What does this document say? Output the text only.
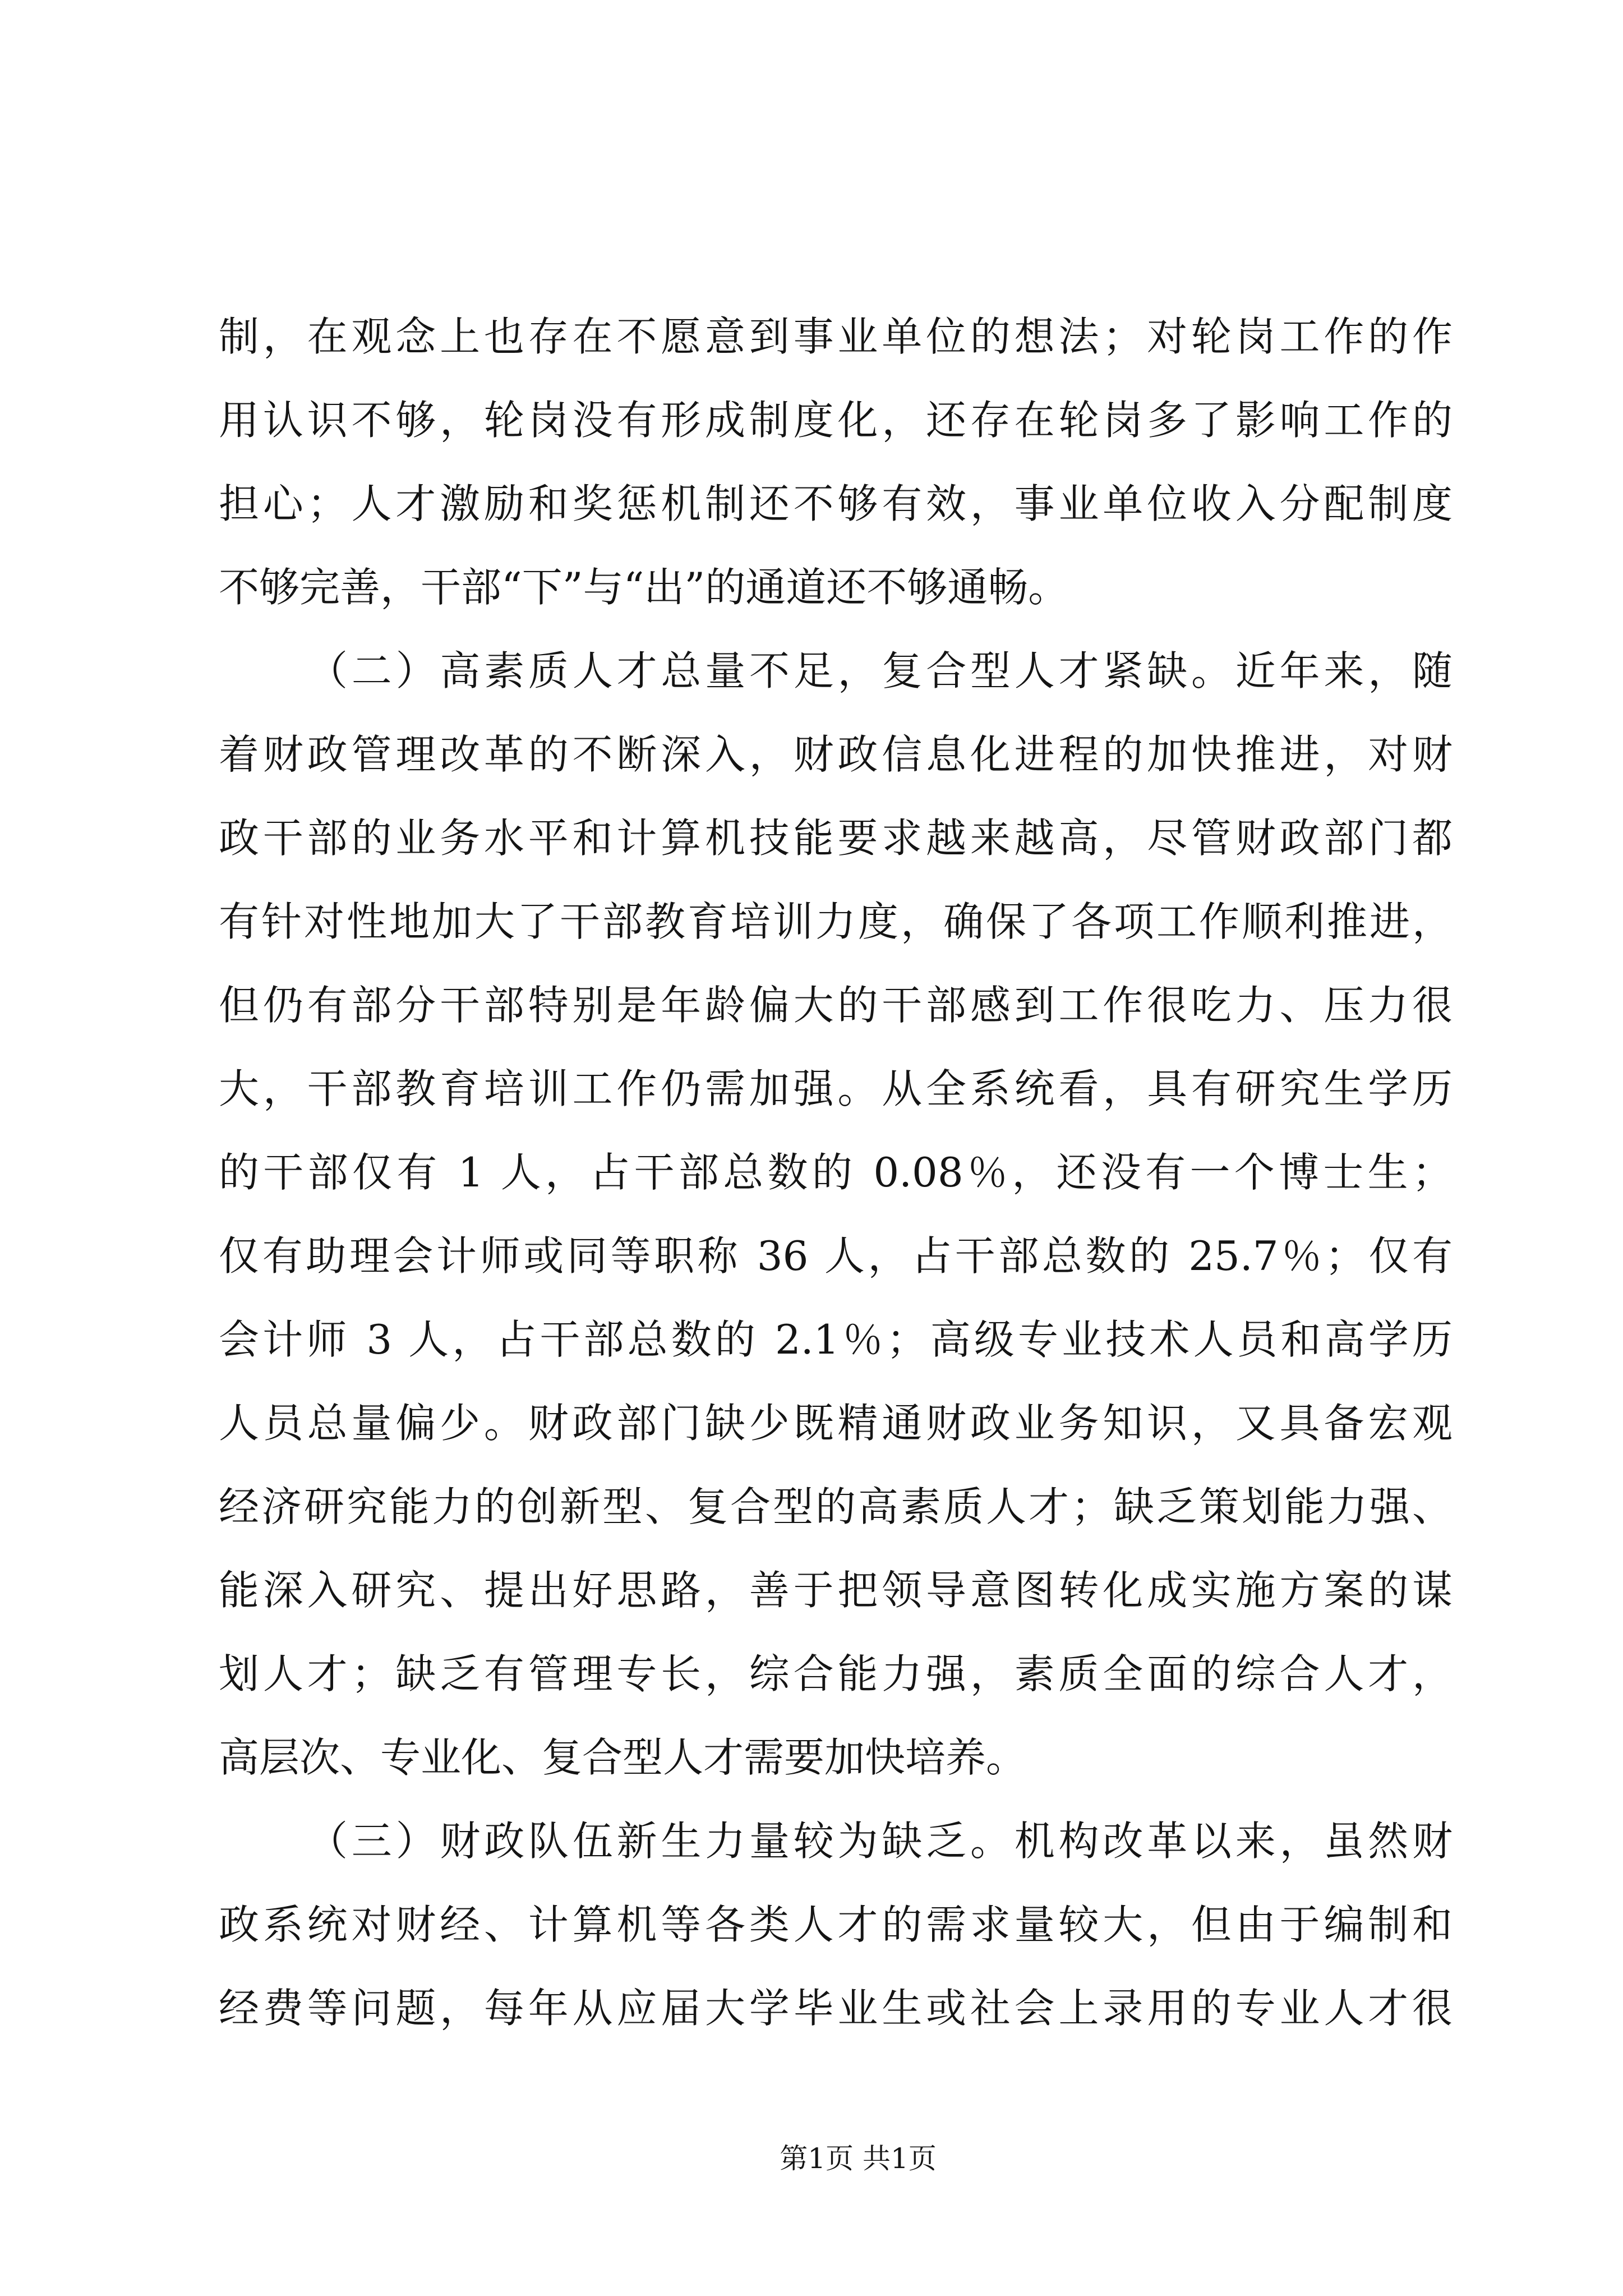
制，在观念上也存在不愿意到事业单位的想法；对轮岗工作的作
用认识不够，轮岗没有形成制度化，还存在轮岗多了影响工作的
担心；人才激励和奖惩机制还不够有效，事业单位收入分配制度
不够完善，干部“下”与“出”的通道还不够通畅。
（二）高素质人才总量不足，复合型人才紧缺。近年来，随
着财政管理改革的不断深入，财政信息化进程的加快推进，对财
政干部的业务水平和计算机技能要求越来越高，尽管财政部门都
有针对性地加大了干部教育培训力度，确保了各项工作顺利推进，
但仍有部分干部特别是年龄偏大的干部感到工作很吃力、压力很
大，干部教育培训工作仍需加强。从全系统看，具有研究生学历
的干部仅有 1 人，占干部总数的 0.08％，还没有一个博士生；
仅有助理会计师或同等职称 36 人，占干部总数的 25.7％；仅有
会计师 3 人，占干部总数的 2.1％；高级专业技术人员和高学历
人员总量偏少。财政部门缺少既精通财政业务知识，又具备宏观
经济研究能力的创新型、复合型的高素质人才；缺乏策划能力强、
能深入研究、提出好思路，善于把领导意图转化成实施方案的谋
划人才；缺乏有管理专长，综合能力强，素质全面的综合人才，
高层次、专业化、复合型人才需要加快培养。
（三）财政队伍新生力量较为缺乏。机构改革以来，虽然财
政系统对财经、计算机等各类人才的需求量较大，但由于编制和
经费等问题，每年从应届大学毕业生或社会上录用的专业人才很
第1页 共1页
